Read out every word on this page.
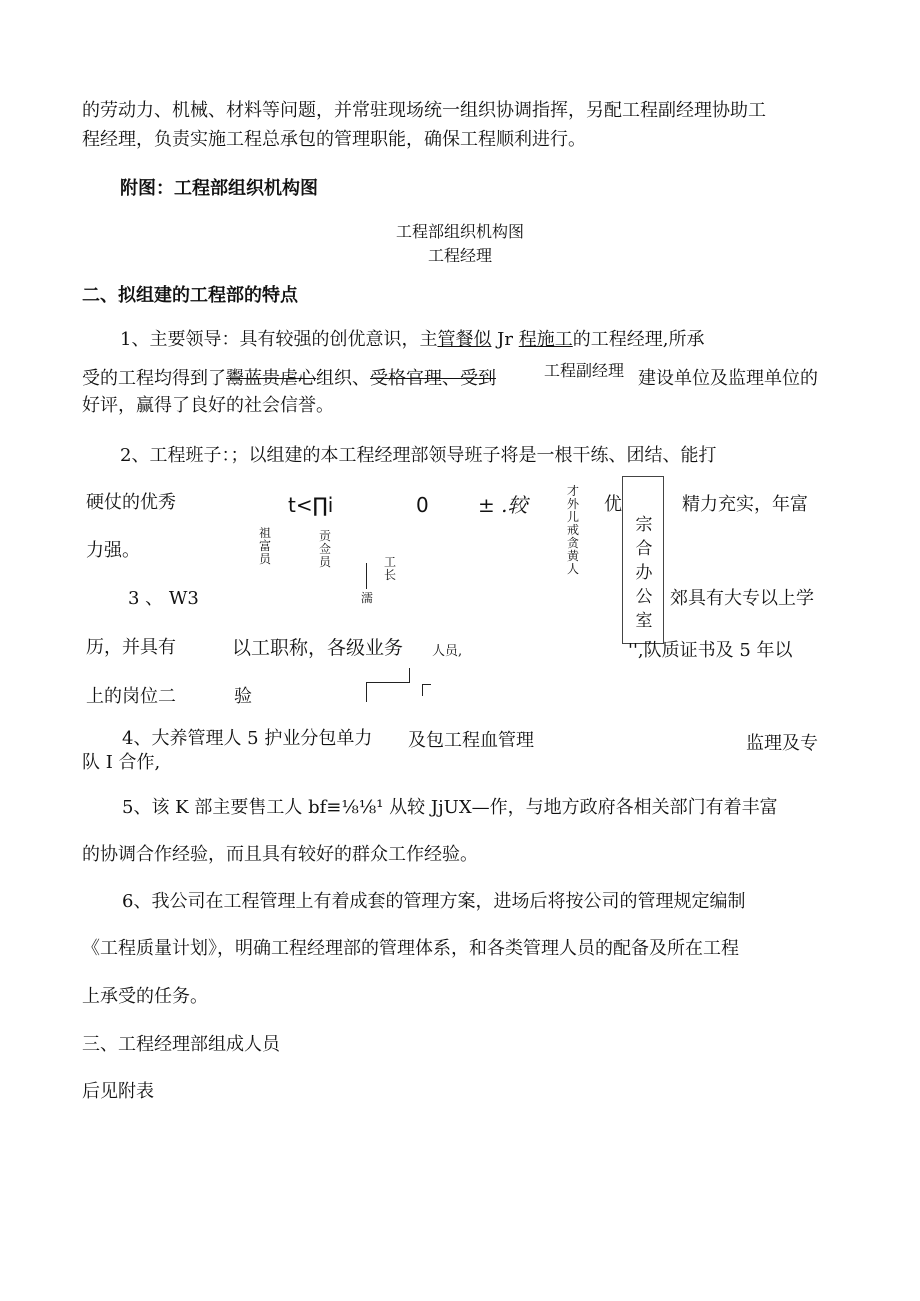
的劳动力、机械、材料等问题，并常驻现场统一组织协调指挥，另配工程副经理协助工
程经理，负责实施工程总承包的管理职能，确保工程顺利进行。
附图：工程部组织机构图
工程部组织机构图
工程经理
二、拟组建的工程部的特点
1、主要领导：具有较强的创优意识，主管餐似 Jr 程施工的工程经理,所承
受的工程均得到了鬻蓝贵虐心组织、受格官理、受到	工程副经理 建设单位及监理单位的
好评，赢得了良好的社会信誉。
2、工程班子：；以组建的本工程经理部领导班子将是一根干练、团结、能打
硬仗的优秀	t<∏i	0 ± .较	优	精力充实，年富
力强。
祖富员
贡佥员	工长
才外儿戒贪黄人
濡
宗合办公室
3 、 W3	郊具有大专以上学
历，并具有	以工职称，各级业务 人员,	'',队质证书及 5 年以
上的岗位二	验
4、大养管理人 5 护业分包单力 及包工程血管理	监理及专
队 I 合作,
5、该 K 部主要售工人 bf≡⅛⅛¹ 从较 JjUX—作，与地方政府各相关部门有着丰富
的协调合作经验，而且具有较好的群众工作经验。
6、我公司在工程管理上有着成套的管理方案，进场后将按公司的管理规定编制
《工程质量计划》，明确工程经理部的管理体系，和各类管理人员的配备及所在工程
上承受的任务。
三、工程经理部组成人员
后见附表
